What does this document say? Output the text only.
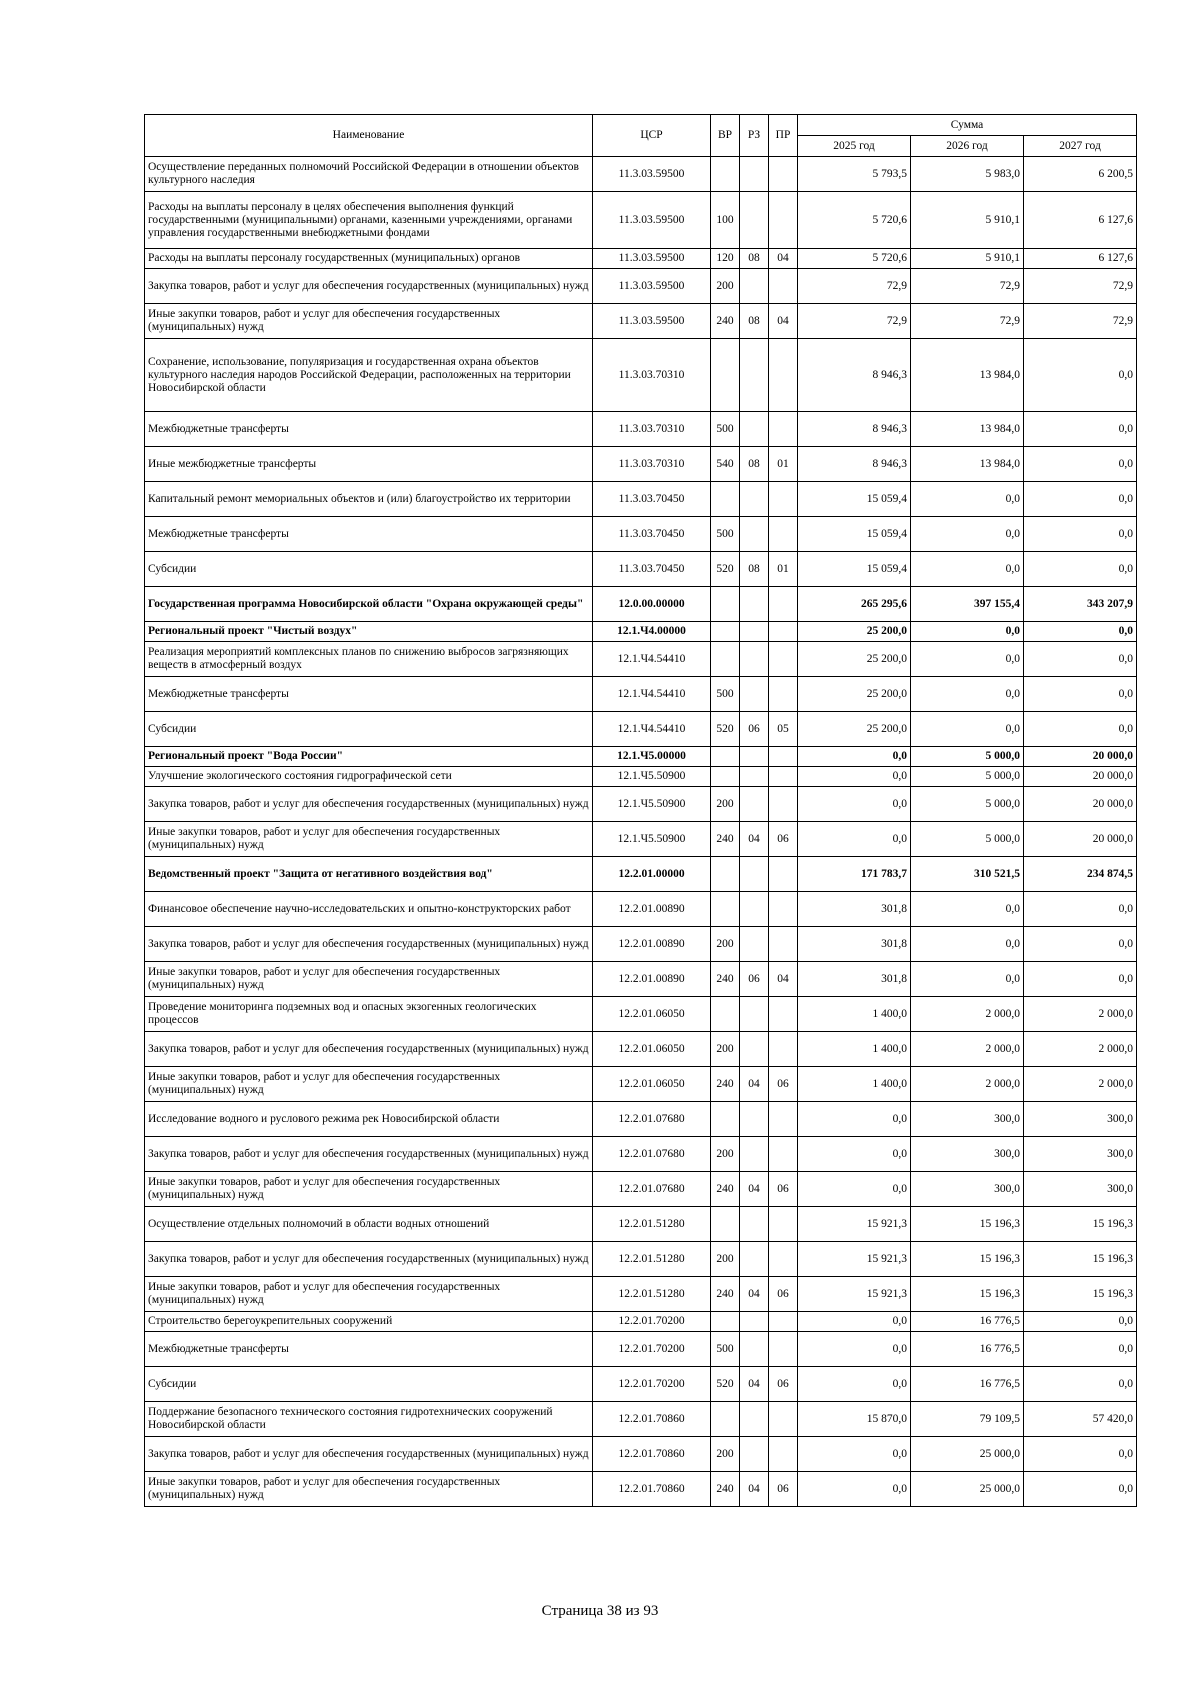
Наименование	ЦСР	ВР	РЗ	ПР	Сумма		
					2025 год	2026 год	2027 год
Осуществление переданных полномочий Российской Федерации в отношении объектов культурного наследия	11.3.03.59500				5 793,5	5 983,0	6 200,5
Расходы на выплаты персоналу в целях обеспечения выполнения функций государственными (муниципальными) органами, казенными учреждениями, органами управления государственными внебюджетными фондами	11.3.03.59500	100			5 720,6	5 910,1	6 127,6
Расходы на выплаты персоналу государственных (муниципальных) органов	11.3.03.59500	120	08	04	5 720,6	5 910,1	6 127,6
Закупка товаров, работ и услуг для обеспечения государственных (муниципальных) нужд	11.3.03.59500	200			72,9	72,9	72,9
Иные закупки товаров, работ и услуг для обеспечения государственных (муниципальных) нужд	11.3.03.59500	240	08	04	72,9	72,9	72,9
Сохранение, использование, популяризация и государственная охрана объектов культурного наследия народов Российской Федерации, расположенных на территории Новосибирской области	11.3.03.70310				8 946,3	13 984,0	0,0
Межбюджетные трансферты	11.3.03.70310	500			8 946,3	13 984,0	0,0
Иные межбюджетные трансферты	11.3.03.70310	540	08	01	8 946,3	13 984,0	0,0
Капитальный ремонт мемориальных объектов и (или) благоустройство их территории	11.3.03.70450				15 059,4	0,0	0,0
Межбюджетные трансферты	11.3.03.70450	500			15 059,4	0,0	0,0
Субсидии	11.3.03.70450	520	08	01	15 059,4	0,0	0,0
Государственная программа Новосибирской области "Охрана окружающей среды"	12.0.00.00000				265 295,6	397 155,4	343 207,9
Региональный проект "Чистый воздух"	12.1.Ч4.00000				25 200,0	0,0	0,0
Реализация мероприятий комплексных планов по снижению выбросов загрязняющих веществ в атмосферный воздух	12.1.Ч4.54410				25 200,0	0,0	0,0
Межбюджетные трансферты	12.1.Ч4.54410	500			25 200,0	0,0	0,0
Субсидии	12.1.Ч4.54410	520	06	05	25 200,0	0,0	0,0
Региональный проект "Вода России"	12.1.Ч5.00000				0,0	5 000,0	20 000,0
Улучшение экологического состояния гидрографической сети	12.1.Ч5.50900				0,0	5 000,0	20 000,0
Закупка товаров, работ и услуг для обеспечения государственных (муниципальных) нужд	12.1.Ч5.50900	200			0,0	5 000,0	20 000,0
Иные закупки товаров, работ и услуг для обеспечения государственных (муниципальных) нужд	12.1.Ч5.50900	240	04	06	0,0	5 000,0	20 000,0
Ведомственный проект "Защита от негативного воздействия вод"	12.2.01.00000				171 783,7	310 521,5	234 874,5
Финансовое обеспечение научно-исследовательских и опытно-конструкторских работ	12.2.01.00890				301,8	0,0	0,0
Закупка товаров, работ и услуг для обеспечения государственных (муниципальных) нужд	12.2.01.00890	200			301,8	0,0	0,0
Иные закупки товаров, работ и услуг для обеспечения государственных (муниципальных) нужд	12.2.01.00890	240	06	04	301,8	0,0	0,0
Проведение мониторинга подземных вод и опасных экзогенных геологических процессов	12.2.01.06050				1 400,0	2 000,0	2 000,0
Закупка товаров, работ и услуг для обеспечения государственных (муниципальных) нужд	12.2.01.06050	200			1 400,0	2 000,0	2 000,0
Иные закупки товаров, работ и услуг для обеспечения государственных (муниципальных) нужд	12.2.01.06050	240	04	06	1 400,0	2 000,0	2 000,0
Исследование водного и руслового режима рек Новосибирской области	12.2.01.07680				0,0	300,0	300,0
Закупка товаров, работ и услуг для обеспечения государственных (муниципальных) нужд	12.2.01.07680	200			0,0	300,0	300,0
Иные закупки товаров, работ и услуг для обеспечения государственных (муниципальных) нужд	12.2.01.07680	240	04	06	0,0	300,0	300,0
Осуществление отдельных полномочий в области водных отношений	12.2.01.51280				15 921,3	15 196,3	15 196,3
Закупка товаров, работ и услуг для обеспечения государственных (муниципальных) нужд	12.2.01.51280	200			15 921,3	15 196,3	15 196,3
Иные закупки товаров, работ и услуг для обеспечения государственных (муниципальных) нужд	12.2.01.51280	240	04	06	15 921,3	15 196,3	15 196,3
Строительство берегоукрепительных сооружений	12.2.01.70200				0,0	16 776,5	0,0
Межбюджетные трансферты	12.2.01.70200	500			0,0	16 776,5	0,0
Субсидии	12.2.01.70200	520	04	06	0,0	16 776,5	0,0
Поддержание безопасного технического состояния гидротехнических сооружений Новосибирской области	12.2.01.70860				15 870,0	79 109,5	57 420,0
Закупка товаров, работ и услуг для обеспечения государственных (муниципальных) нужд	12.2.01.70860	200			0,0	25 000,0	0,0
Иные закупки товаров, работ и услуг для обеспечения государственных (муниципальных) нужд	12.2.01.70860	240	04	06	0,0	25 000,0	0,0
Страница 38 из 93
